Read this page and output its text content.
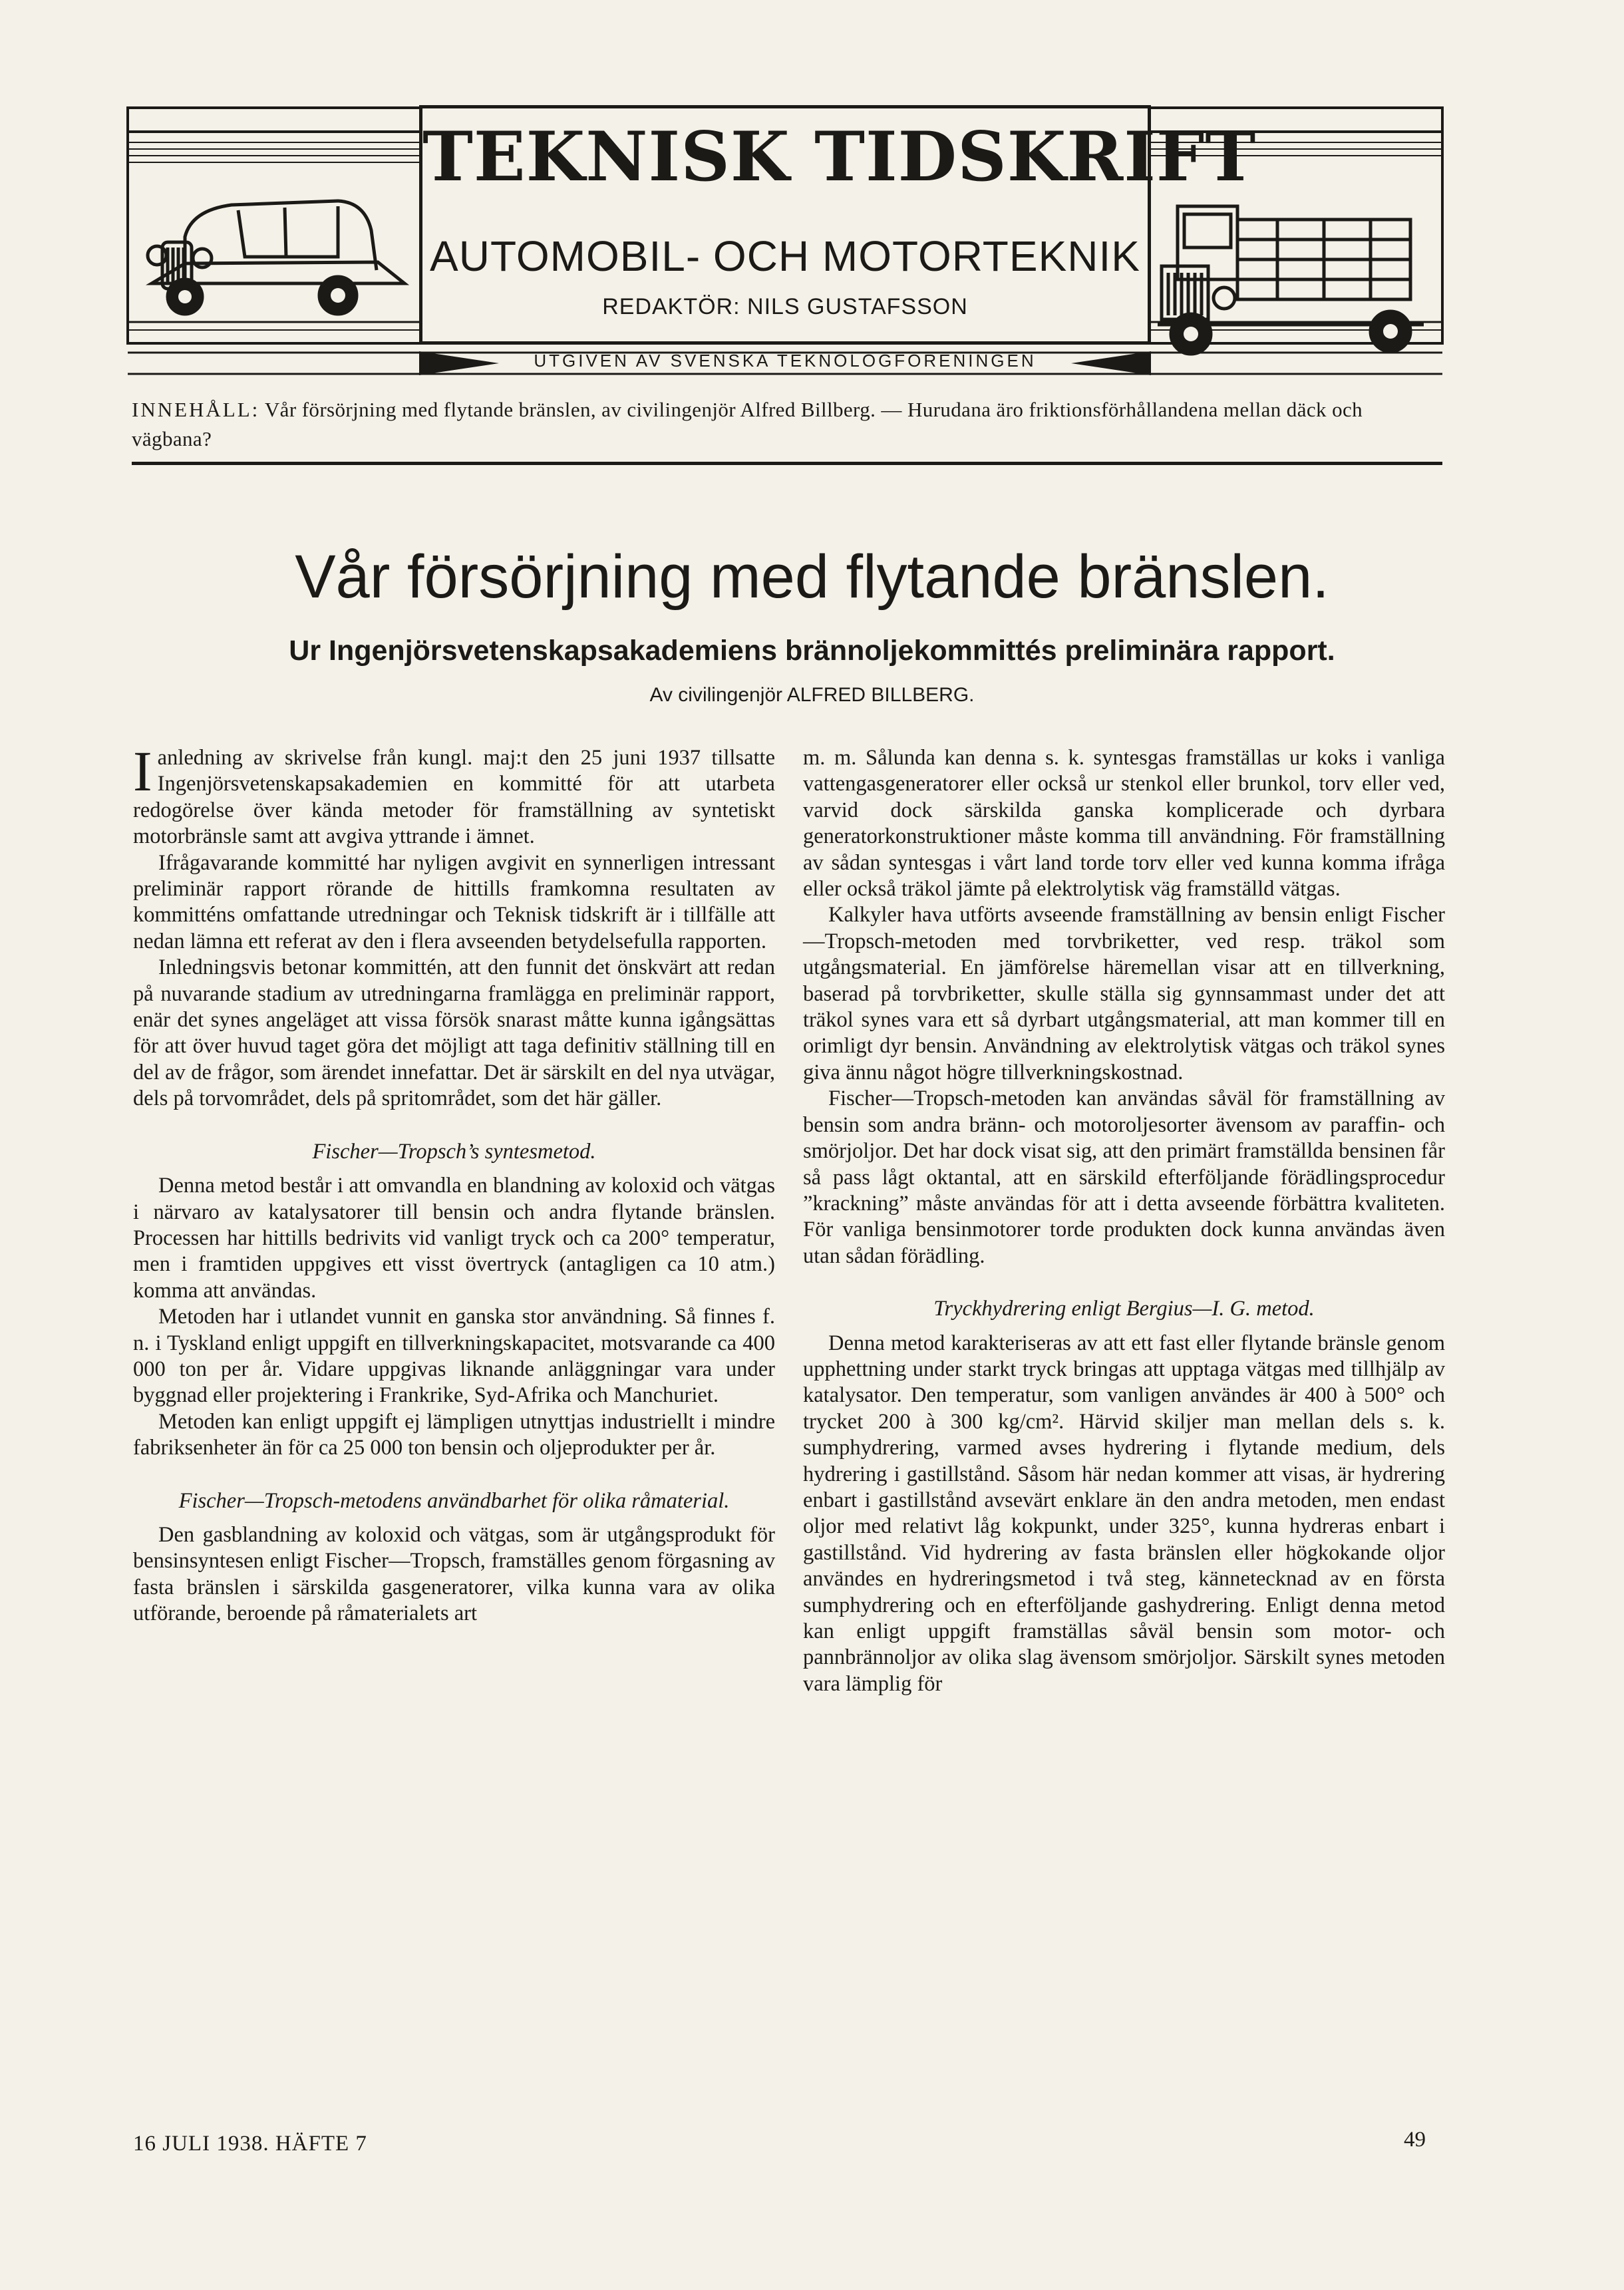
TEKNISK TIDSKRIFT
AUTOMOBIL- OCH MOTORTEKNIK
REDAKTÖR: NILS GUSTAFSSON
UTGIVEN AV SVENSKA TEKNOLOGFÖRENINGEN
INNEHÅLL: Vår försörjning med flytande bränslen, av civilingenjör Alfred Billberg. — Hurudana äro friktionsförhållandena mellan däck och vägbana?
Vår försörjning med flytande bränslen.
Ur Ingenjörsvetenskapsakademiens brännoljekommittés preliminära rapport.
Av civilingenjör ALFRED BILLBERG.

Ianledning av skrivelse från kungl. maj:t den 25 juni 1937 tillsatte Ingenjörsvetenskapsakademien en kommitté för att utarbeta redogörelse över kända metoder för framställning av syntetiskt motorbränsle samt att avgiva yttrande i ämnet.

Ifrågavarande kommitté har nyligen avgivit en synnerligen intressant preliminär rapport rörande de hittills framkomna resultaten av kommitténs omfattande utredningar och Teknisk tidskrift är i tillfälle att nedan lämna ett referat av den i flera avseenden betydelsefulla rapporten.

Inledningsvis betonar kommittén, att den funnit det önskvärt att redan på nuvarande stadium av utredningarna framlägga en preliminär rapport, enär det synes angeläget att vissa försök snarast måtte kunna igångsättas för att över huvud taget göra det möjligt att taga definitiv ställning till en del av de frågor, som ärendet innefattar. Det är särskilt en del nya utvägar, dels på torvområdet, dels på spritområdet, som det här gäller.

Fischer—Tropsch’s syntesmetod.

Denna metod består i att omvandla en blandning av koloxid och vätgas i närvaro av katalysatorer till bensin och andra flytande bränslen. Processen har hittills bedrivits vid vanligt tryck och ca 200° temperatur, men i framtiden uppgives ett visst övertryck (antagligen ca 10 atm.) komma att användas.

Metoden har i utlandet vunnit en ganska stor användning. Så finnes f. n. i Tyskland enligt uppgift en tillverkningskapacitet, motsvarande ca 400 000 ton per år. Vidare uppgivas liknande anläggningar vara under byggnad eller projektering i Frankrike, Syd-Afrika och Manchuriet.

Metoden kan enligt uppgift ej lämpligen utnyttjas industriellt i mindre fabriksenheter än för ca 25 000 ton bensin och oljeprodukter per år.

Fischer—Tropsch-metodens användbarhet för olika råmaterial.

Den gasblandning av koloxid och vätgas, som är utgångsprodukt för bensinsyntesen enligt Fischer—Tropsch, framställes genom förgasning av fasta bränslen i särskilda gasgeneratorer, vilka kunna vara av olika utförande, beroende på råmaterialets art

m. m. Sålunda kan denna s. k. syntesgas framställas ur koks i vanliga vattengasgeneratorer eller också ur stenkol eller brunkol, torv eller ved, varvid dock särskilda ganska komplicerade och dyrbara generatorkonstruktioner måste komma till användning. För framställning av sådan syntesgas i vårt land torde torv eller ved kunna komma ifråga eller också träkol jämte på elektrolytisk väg framställd vätgas.

Kalkyler hava utförts avseende framställning av bensin enligt Fischer—Tropsch-metoden med torvbriketter, ved resp. träkol som utgångsmaterial. En jämförelse häremellan visar att en tillverkning, baserad på torvbriketter, skulle ställa sig gynnsammast under det att träkol synes vara ett så dyrbart utgångsmaterial, att man kommer till en orimligt dyr bensin. Användning av elektrolytisk vätgas och träkol synes giva ännu något högre tillverkningskostnad.

Fischer—Tropsch-metoden kan användas såväl för framställning av bensin som andra bränn- och motoroljesorter ävensom av paraffin- och smörjoljor. Det har dock visat sig, att den primärt framställda bensinen får så pass lågt oktantal, att en särskild efterföljande förädlingsprocedur ”krackning” måste användas för att i detta avseende förbättra kvaliteten. För vanliga bensinmotorer torde produkten dock kunna användas även utan sådan förädling.

Tryckhydrering enligt Bergius—I. G. metod.

Denna metod karakteriseras av att ett fast eller flytande bränsle genom upphettning under starkt tryck bringas att upptaga vätgas med tillhjälp av katalysator. Den temperatur, som vanligen användes är 400 à 500° och trycket 200 à 300 kg/cm². Härvid skiljer man mellan dels s. k. sumphydrering, varmed avses hydrering i flytande medium, dels hydrering i gastillstånd. Såsom här nedan kommer att visas, är hydrering enbart i gastillstånd avsevärt enklare än den andra metoden, men endast oljor med relativt låg kokpunkt, under 325°, kunna hydreras enbart i gastillstånd. Vid hydrering av fasta bränslen eller högkokande oljor användes en hydreringsmetod i två steg, kännetecknad av en första sumphydrering och en efterföljande gashydrering. Enligt denna metod kan enligt uppgift framställas såväl bensin som motor- och pannbrännoljor av olika slag ävensom smörjoljor. Särskilt synes metoden vara lämplig för

16 JULI 1938. HÄFTE 7	49
